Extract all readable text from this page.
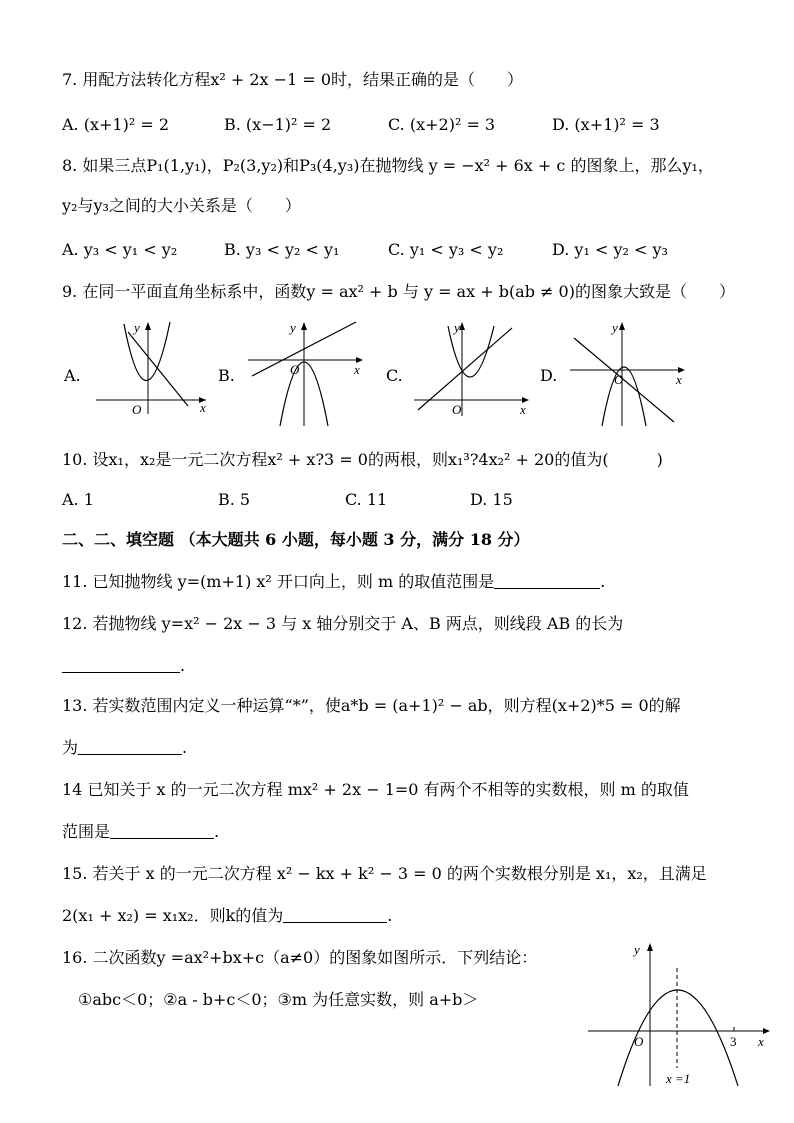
7. 用配方法转化方程x² + 2x −1 = 0时，结果正确的是（　　）
A. (x+1)² = 2	B. (x−1)² = 2	C. (x+2)² = 3	D. (x+1)² = 3
8. 如果三点P₁(1,y₁)，P₂(3,y₂)和P₃(4,y₃)在抛物线 y = −x² + 6x + c 的图象上，那么y₁，
y₂与y₃之间的大小关系是（　　）
A. y₃ < y₁ < y₂	B. y₃ < y₂ < y₁	C. y₁ < y₃ < y₂	D. y₁ < y₂ < y₃
9. 在同一平面直角坐标系中，函数y = ax² + b 与 y = ax + b(ab ≠ 0)的图象大致是（　　）
A.	B.	C.	D.
y
x
O
y
x
O
y
x
O
y
x
O
10. 设x₁，x₂是一元二次方程x² + x?3 = 0的两根，则x₁³?4x₂² + 20的值为(　　　)
A. 1	B. 5	C. 11	D. 15
二、二、填空题 （本大题共 6 小题，每小题 3 分，满分 18 分）
11. 已知抛物线 y=(m+1) x² 开口向上，则 m 的取值范围是	.
12. 若抛物线 y=x² − 2x − 3 与 x 轴分别交于 A、B 两点，则线段 AB 的长为
.
13. 若实数范围内定义一种运算“*”，使a*b = (a+1)² − ab，则方程(x+2)*5 = 0的解
为	.
14 已知关于 x 的一元二次方程 mx² + 2x − 1=0 有两个不相等的实数根，则 m 的取值
范围是	.
15. 若关于 x 的一元二次方程 x² − kx + k² − 3 = 0 的两个实数根分别是 x₁，x₂，且满足
2(x₁ + x₂) = x₁x₂．则k的值为	.
16. 二次函数y =ax²+bx+c（a≠0）的图象如图所示．下列结论：
①abc＜0；②a - b+c＜0；③m 为任意实数，则 a+b＞
y
x
O	3
x =1
